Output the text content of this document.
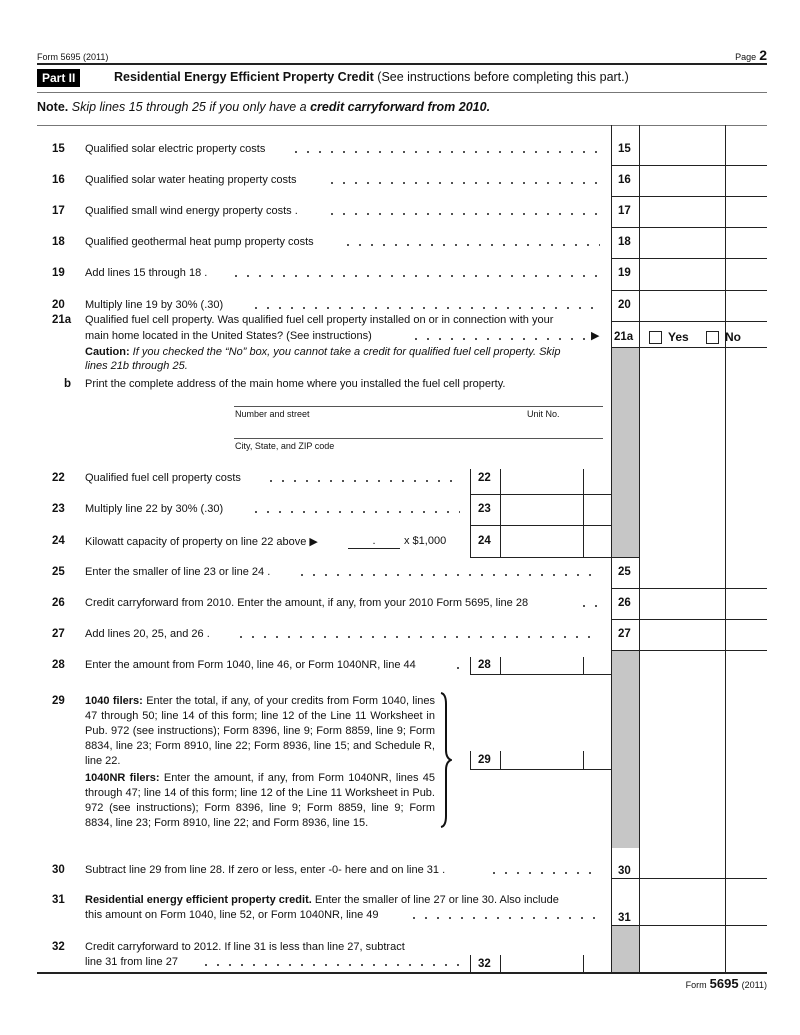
Form 5695 (2011)	Page 2
Part II	Residential Energy Efficient Property Credit (See instructions before completing this part.)
Note. Skip lines 15 through 25 if you only have a credit carryforward from 2010.
15 Qualified solar electric property costs	15
16 Qualified solar water heating property costs	16
17 Qualified small wind energy property costs .	17
18 Qualified geothermal heat pump property costs	18
19 Add lines 15 through 18 .	19
20 Multiply line 19 by 30% (.30)	20
21a Qualified fuel cell property. Was qualified fuel cell property installed on or in connection with your
main home located in the United States? (See instructions)	▶ 21a	Yes	No
Caution: If you checked the “No” box, you cannot take a credit for qualified fuel cell property. Skip
lines 21b through 25.
b Print the complete address of the main home where you installed the fuel cell property.
Number and street	Unit No.
City, State, and ZIP code
22 Qualified fuel cell property costs	22
23 Multiply line 22 by 30% (.30)	23
24 Kilowatt capacity of property on line 22 above ▶	.	x $1,000	24
25 Enter the smaller of line 23 or line 24 .	25
26 Credit carryforward from 2010. Enter the amount, if any, from your 2010 Form 5695, line 28	26
27 Add lines 20, 25, and 26 .	27
28 Enter the amount from Form 1040, line 46, or Form 1040NR, line 44	28
29 1040 filers: Enter the total, if any, of your credits from Form 1040, lines 47 through 50; line 14 of this form; line 12 of the Line 11 Worksheet in Pub. 972 (see instructions); Form 8396, line 9; Form 8859, line 9; Form 8834, line 23; Form 8910, line 22; Form 8936, line 15; and Schedule R, line 22.
1040NR filers: Enter the amount, if any, from Form 1040NR, lines 45 through 47; line 14 of this form; line 12 of the Line 11 Worksheet in Pub. 972 (see instructions); Form 8396, line 9; Form 8859, line 9; Form 8834, line 23; Form 8910, line 22; and Form 8936, line 15.
29
30 Subtract line 29 from line 28. If zero or less, enter -0- here and on line 31 .	30
31 Residential energy efficient property credit. Enter the smaller of line 27 or line 30. Also include
this amount on Form 1040, line 52, or Form 1040NR, line 49	31
32 Credit carryforward to 2012. If line 31 is less than line 27, subtract
line 31 from line 27	32
Form 5695 (2011)
